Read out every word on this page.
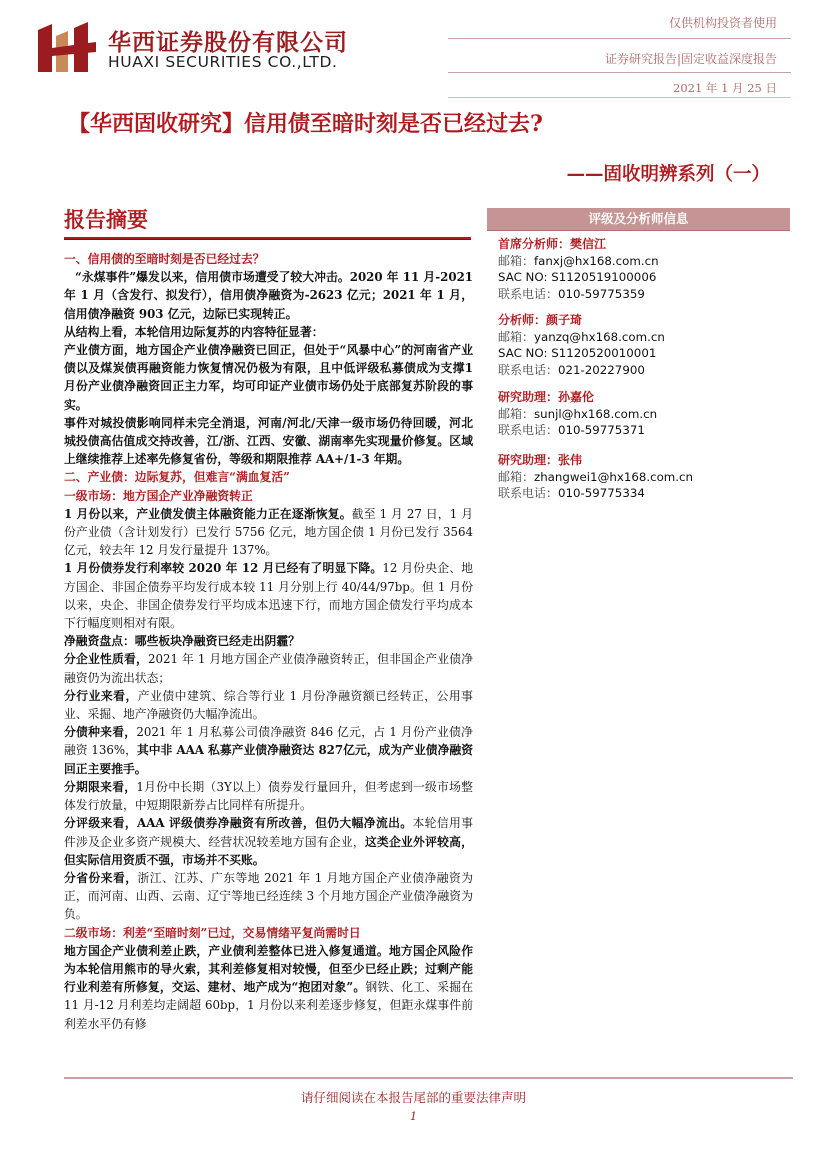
华西证券股份有限公司
HUAXI SECURITIES CO.,LTD.
仅供机构投资者使用
证券研究报告|固定收益深度报告
2021 年 1 月 25 日
【华西固收研究】信用债至暗时刻是否已经过去?
——固收明辨系列（一）
报告摘要

一、信用债的至暗时刻是否已经过去？

“永煤事件”爆发以来，信用债市场遭受了较大冲击。2020 年 11 月-2021 年 1 月（含发行、拟发行），信用债净融资为-2623 亿元；2021 年 1 月，信用债净融资 903 亿元，边际已实现转正。

从结构上看，本轮信用边际复苏的内容特征显著：

产业债方面，地方国企产业债净融资已回正，但处于“风暴中心”的河南省产业债以及煤炭债再融资能力恢复情况仍极为有限，且中低评级私募债成为支撑1月份产业债净融资回正主力军，均可印证产业债市场仍处于底部复苏阶段的事实。

事件对城投债影响同样未完全消退，河南/河北/天津一级市场仍待回暖，河北城投债高估值成交持改善，江/浙、江西、安徽、湖南率先实现量价修复。区域上继续推荐上述率先修复省份，等级和期限推荐 AA+/1-3 年期。

二、产业债：边际复苏，但难言“满血复活”

一级市场：地方国企产业净融资转正

1 月份以来，产业债发债主体融资能力正在逐渐恢复。截至 1 月 27 日，1 月份产业债（含计划发行）已发行 5756 亿元，地方国企债 1 月份已发行 3564 亿元，较去年 12 月发行量提升 137%。

1 月份债券发行利率较 2020 年 12 月已经有了明显下降。12 月份央企、地方国企、非国企债券平均发行成本较 11 月分别上行 40/44/97bp。但 1 月份以来，央企、非国企债券发行平均成本迅速下行，而地方国企债发行平均成本下行幅度则相对有限。

净融资盘点：哪些板块净融资已经走出阴霾？

分企业性质看，2021 年 1 月地方国企产业债净融资转正，但非国企产业债净融资仍为流出状态；

分行业来看，产业债中建筑、综合等行业 1 月份净融资额已经转正，公用事业、采掘、地产净融资仍大幅净流出。

分债种来看，2021 年 1 月私募公司债净融资 846 亿元，占 1 月份产业债净融资 136%，其中非 AAA 私募产业债净融资达 827亿元，成为产业债净融资回正主要推手。

分期限来看，1月份中长期（3Y以上）债券发行量回升，但考虑到一级市场整体发行放量，中短期限新券占比同样有所提升。

分评级来看，AAA 评级债券净融资有所改善，但仍大幅净流出。本轮信用事件涉及企业多资产规模大、经营状况较差地方国有企业，这类企业外评较高，但实际信用资质不强，市场并不买账。

分省份来看，浙江、江苏、广东等地 2021 年 1 月地方国企产业债净融资为正，而河南、山西、云南、辽宁等地已经连续 3 个月地方国企产业债净融资为负。

二级市场：利差“至暗时刻”已过，交易情绪平复尚需时日

地方国企产业债利差止跌，产业债利差整体已进入修复通道。地方国企风险作为本轮信用熊市的导火索，其利差修复相对较慢，但至少已经止跌；过剩产能行业利差有所修复，交运、建材、地产成为“抱团对象”。钢铁、化工、采掘在 11 月-12 月利差均走阔超 60bp，1 月份以来利差逐步修复，但距永煤事件前利差水平仍有修

评级及分析师信息
首席分析师：樊信江
邮箱：fanxj@hx168.com.cn
SAC NO: S1120519100006
联系电话：010-59775359
分析师：颜子琦
邮箱：yanzq@hx168.com.cn
SAC NO: S1120520010001
联系电话：021-20227900
研究助理：孙嘉伦
邮箱：sunjl@hx168.com.cn
联系电话：010-59775371
研究助理：张伟
邮箱：zhangwei1@hx168.com.cn
联系电话：010-59775334
请仔细阅读在本报告尾部的重要法律声明
1
